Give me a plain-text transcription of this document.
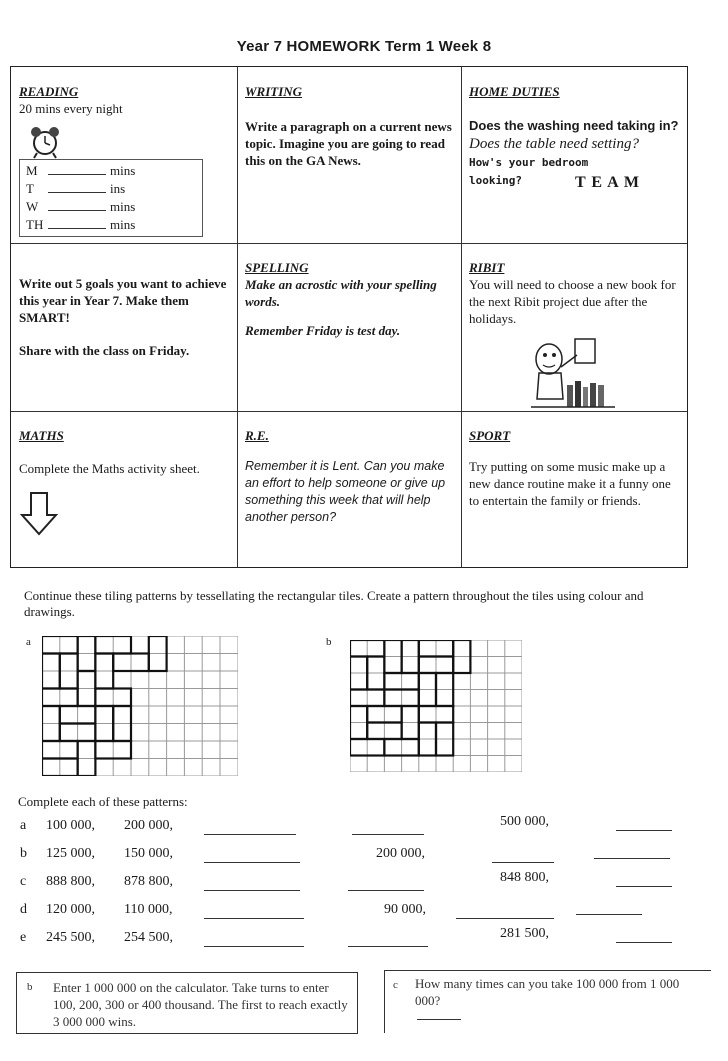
Year 7 HOMEWORK Term 1 Week 8
READING
20 mins every night
M	mins
T	ins
W	mins
TH	mins
WRITING
Write a paragraph on a current news topic. Imagine you are going to read this on the GA News.
HOME DUTIES
Does the washing need taking in?
Does the table need setting?
How's your bedroom looking?	T E A M
Write out 5 goals you want to achieve this year in Year 7. Make them SMART!
Share with the class on Friday.
SPELLING
Make an acrostic with your spelling words.
Remember Friday is test day.
RIBIT
You will need to choose a new book for the next Ribit project due after the holidays.
MATHS
Complete the Maths activity sheet.
R.E.
Remember it is Lent. Can you make an effort to help someone or give up something this week that will help another person?
SPORT
Try putting on some music make up a new dance routine make it a funny one to entertain the family or friends.
Continue these tiling patterns by tessellating the rectangular tiles. Create a pattern throughout the tiles using colour and drawings.
a	b
Complete each of these patterns:
a 100 000, 200 000,	500 000,
b 125 000, 150 000,	200 000,
c 888 800, 878 800,	848 800,
d 120 000, 110 000,	90 000,
e 245 500, 254 500,	281 500,
b Enter 1 000 000 on the calculator. Take turns to enter 100, 200, 300 or 400 thousand. The first to reach exactly 3 000 000 wins.
c How many times can you take 100 000 from 1 000 000?
